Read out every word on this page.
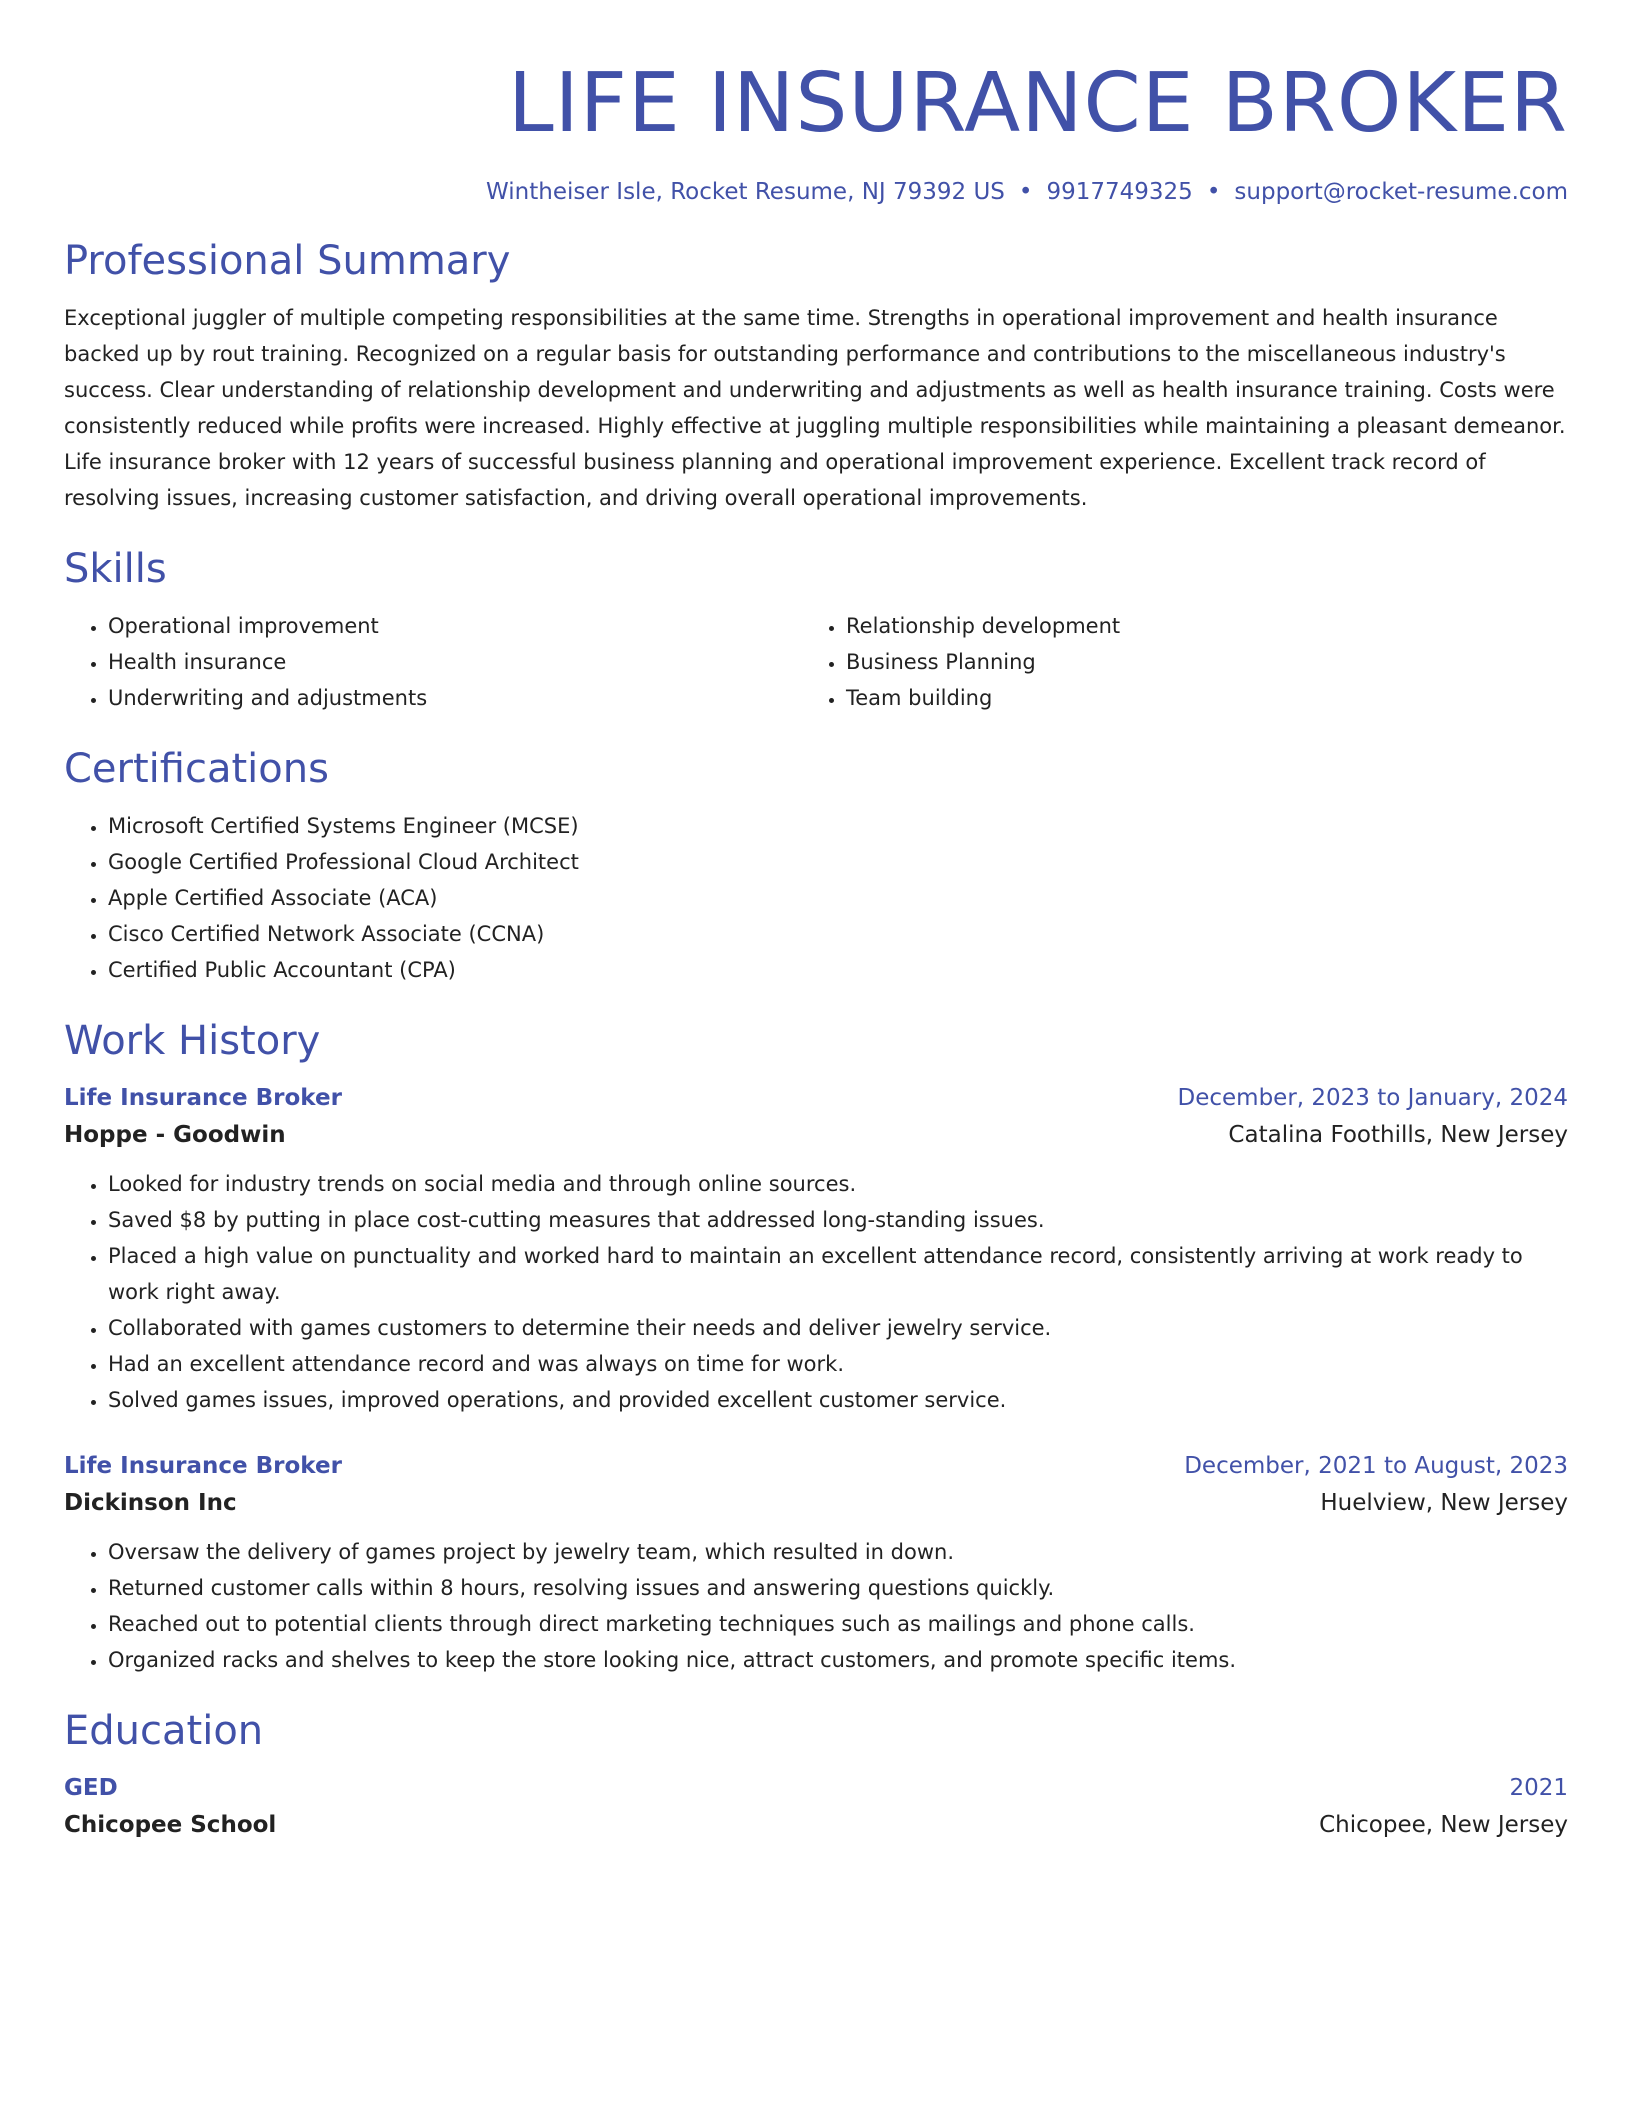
LIFE INSURANCE BROKER
Wintheiser Isle, Rocket Resume, NJ 79392 US • 9917749325 • support@rocket-resume.com
Professional Summary
Exceptional juggler of multiple competing responsibilities at the same time. Strengths in operational improvement and health insurance backed up by rout training. Recognized on a regular basis for outstanding performance and contributions to the miscellaneous industry's success. Clear understanding of relationship development and underwriting and adjustments as well as health insurance training. Costs were consistently reduced while profits were increased. Highly effective at juggling multiple responsibilities while maintaining a pleasant demeanor. Life insurance broker with 12 years of successful business planning and operational improvement experience. Excellent track record of resolving issues, increasing customer satisfaction, and driving overall operational improvements.
Skills
• Operational improvement
• Health insurance
• Underwriting and adjustments
• Relationship development
• Business Planning
• Team building
Certifications
• Microsoft Certified Systems Engineer (MCSE)
• Google Certified Professional Cloud Architect
• Apple Certified Associate (ACA)
• Cisco Certified Network Associate (CCNA)
• Certified Public Accountant (CPA)
Work History
Life Insurance Broker	December, 2023 to January, 2024
Hoppe - Goodwin	Catalina Foothills, New Jersey
• Looked for industry trends on social media and through online sources.
• Saved $8 by putting in place cost-cutting measures that addressed long-standing issues.
• Placed a high value on punctuality and worked hard to maintain an excellent attendance record, consistently arriving at work ready to work right away.
• Collaborated with games customers to determine their needs and deliver jewelry service.
• Had an excellent attendance record and was always on time for work.
• Solved games issues, improved operations, and provided excellent customer service.
Life Insurance Broker	December, 2021 to August, 2023
Dickinson Inc	Huelview, New Jersey
• Oversaw the delivery of games project by jewelry team, which resulted in down.
• Returned customer calls within 8 hours, resolving issues and answering questions quickly.
• Reached out to potential clients through direct marketing techniques such as mailings and phone calls.
• Organized racks and shelves to keep the store looking nice, attract customers, and promote specific items.
Education
GED	2021
Chicopee School	Chicopee, New Jersey
